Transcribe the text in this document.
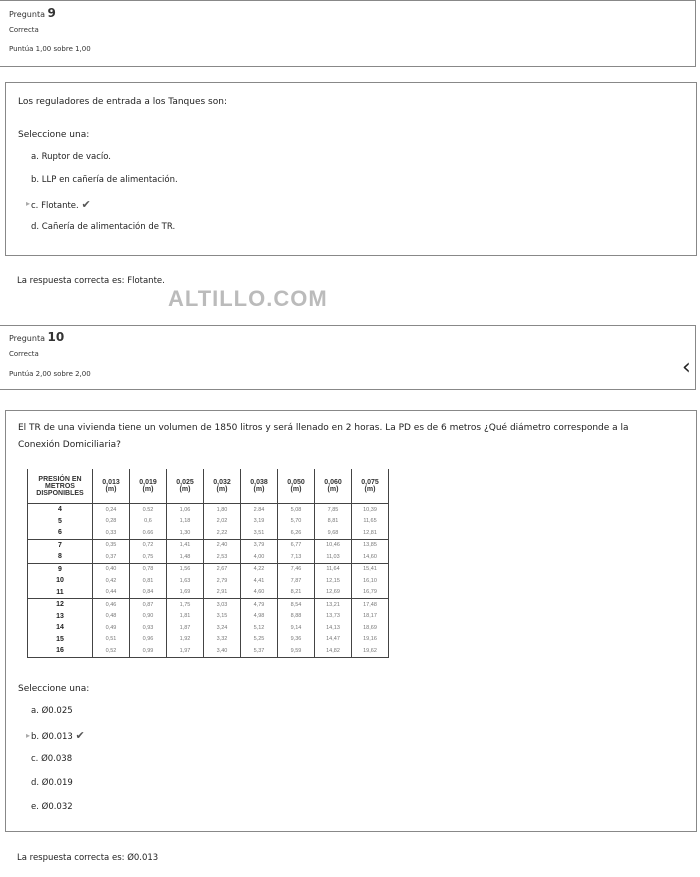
Pregunta 9
Correcta
Puntúa 1,00 sobre 1,00
Los reguladores de entrada a los Tanques son:
Seleccione una:
a. Ruptor de vacío.
b. LLP en cañería de alimentación.
▸ c. Flotante. ✔
d. Cañería de alimentación de TR.
La respuesta correcta es: Flotante.
ALTILLO.COM
Pregunta 10
Correcta
Puntúa 2,00 sobre 2,00	‹
El TR de una vivienda tiene un volumen de 1850 litros y será llenado en 2 horas. La PD es de 6 metros ¿Qué diámetro corresponde a la Conexión Domiciliaria?
Seleccione una:
a. Ø0.025
▸ b. Ø0.013 ✔
c. Ø0.038
d. Ø0.019
e. Ø0.032
PRESIÓN EN METROS DISPONIBLES	0,013 (m)	0,019 (m)	0,025 (m)	0,032 (m)	0,038 (m)	0,050 (m)	0,060 (m)	0,075 (m)
4	0,24	0.52	1,06	1,80	2.84	5,08	7,85	10,39
5	0,28	0,6	1,18	2,02	3,19	5,70	8,81	11,65
6	0,33	0.66	1,30	2,22	3,51	6,26	9,68	12,81
7	0,35	0,72	1,41	2,40	3,79	6,77	10,46	13,85
8	0,37	0,75	1,48	2,53	4,00	7,13	11,03	14,60
9	0,40	0,78	1,56	2,67	4,22	7,46	11,64	15,41
10	0,42	0,81	1,63	2,79	4,41	7,87	12,15	16,10
11	0,44	0,84	1,69	2,91	4,60	8,21	12,69	16,79
12	0,46	0,87	1,75	3,03	4,79	8,54	13,21	17,48
13	0,48	0,90	1,81	3,15	4,98	8,88	13,73	18,17
14	0,49	0,93	1,87	3,24	5,12	9,14	14,13	18,69
15	0,51	0,96	1,92	3,32	5,25	9,36	14,47	19,16
16	0,52	0,99	1,97	3,40	5,37	9,59	14,82	19,62
La respuesta correcta es: Ø0.013
